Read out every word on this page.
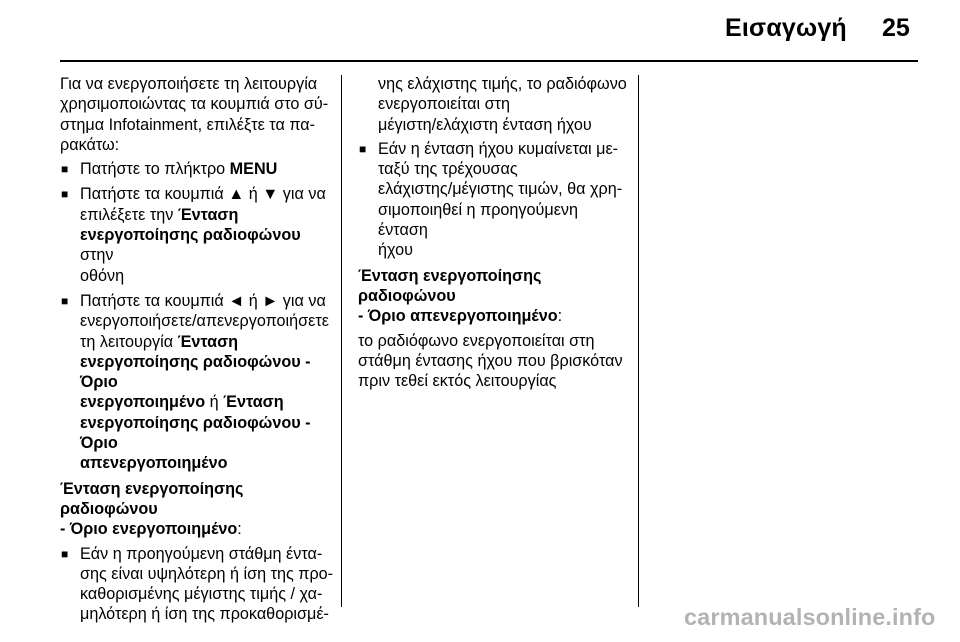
Εισαγωγή 25
Για να ενεργοποιήσετε τη λειτουργία
χρησιμοποιώντας τα κουμπιά στο σύ-
στημα Infotainment, επιλέξτε τα πα-
ρακάτω:
■ Πατήστε το πλήκτρο MENU
■ Πατήστε τα κουμπιά ▲ ή ▼ για να
επιλέξετε την Ένταση
ενεργοποίησης ραδιοφώνου στην
οθόνη
■ Πατήστε τα κουμπιά ◄ ή ► για να
ενεργοποιήσετε/απενεργοποιήσετε
τη λειτουργία Ένταση
ενεργοποίησης ραδιοφώνου - Όριο
ενεργοποιημένο ή Ένταση
ενεργοποίησης ραδιοφώνου - Όριο
απενεργοποιημένο
Ένταση ενεργοποίησης ραδιοφώνου
- Όριο ενεργοποιημένο:
■ Εάν η προηγούμενη στάθμη έντα-
σης είναι υψηλότερη ή ίση της προ-
καθορισμένης μέγιστης τιμής / χα-
μηλότερη ή ίση της προκαθορισμέ-
νης ελάχιστης τιμής, το ραδιόφωνο
ενεργοποιείται στη
μέγιστη/ελάχιστη ένταση ήχου
■ Εάν η ένταση ήχου κυμαίνεται με-
ταξύ της τρέχουσας
ελάχιστης/μέγιστης τιμών, θα χρη-
σιμοποιηθεί η προηγούμενη ένταση
ήχου
Ένταση ενεργοποίησης ραδιοφώνου
- Όριο απενεργοποιημένο:
το ραδιόφωνο ενεργοποιείται στη
στάθμη έντασης ήχου που βρισκόταν
πριν τεθεί εκτός λειτουργίας
carmanualsonline.info
